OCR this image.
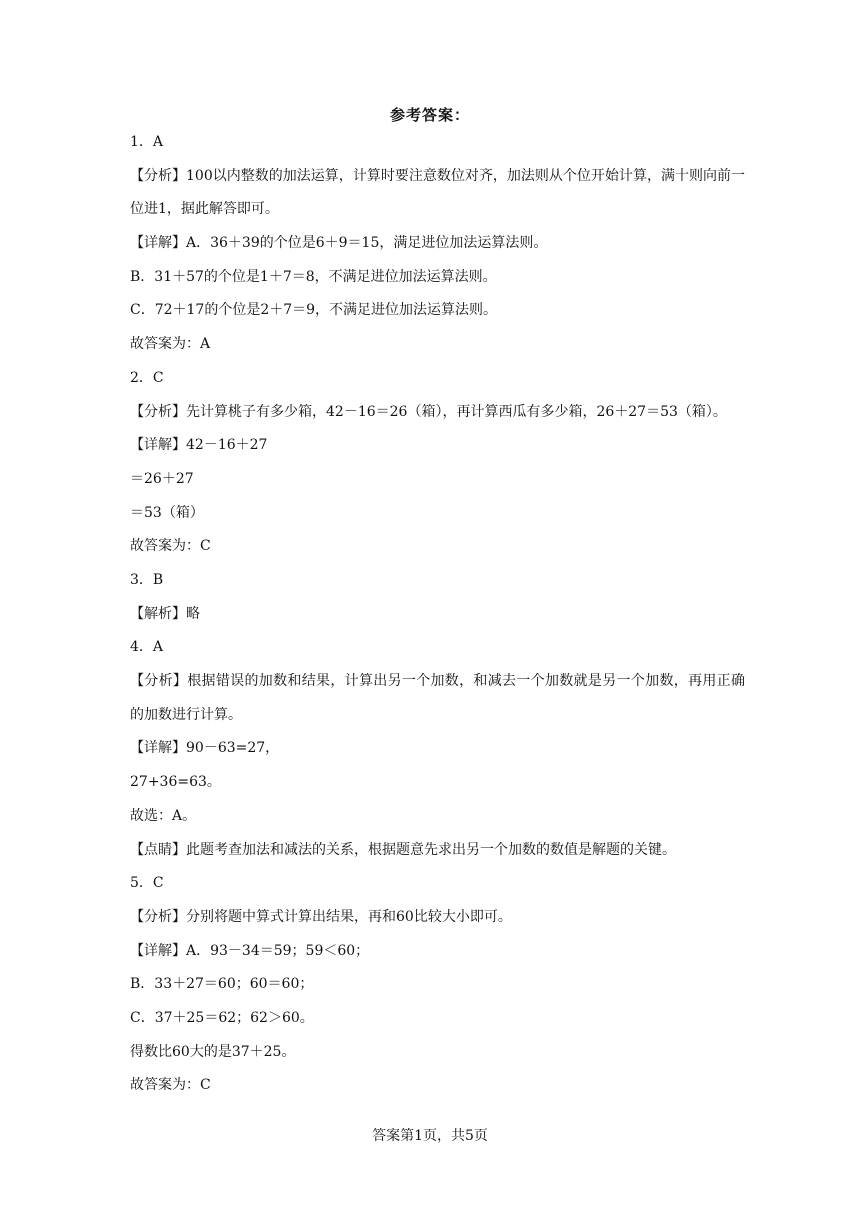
参考答案：
1．A
【分析】100以内整数的加法运算，计算时要注意数位对齐，加法则从个位开始计算，满十则向前一位进1，据此解答即可。
【详解】A．36＋39的个位是6＋9＝15，满足进位加法运算法则。
B．31＋57的个位是1＋7＝8，不满足进位加法运算法则。
C．72＋17的个位是2＋7＝9，不满足进位加法运算法则。
故答案为：A
2．C
【分析】先计算桃子有多少箱，42－16＝26（箱），再计算西瓜有多少箱，26＋27＝53（箱）。
【详解】42－16＋27
＝26＋27
＝53（箱）
故答案为：C
3．B
【解析】略
4．A
【分析】根据错误的加数和结果，计算出另一个加数，和减去一个加数就是另一个加数，再用正确的加数进行计算。
【详解】90－63=27，
27+36=63。
故选：A。
【点睛】此题考查加法和减法的关系，根据题意先求出另一个加数的数值是解题的关键。
5．C
【分析】分别将题中算式计算出结果，再和60比较大小即可。
【详解】A．93－34＝59；59＜60；
B．33＋27＝60；60＝60；
C．37＋25＝62；62＞60。
得数比60大的是37＋25。
故答案为：C
答案第1页，共5页
